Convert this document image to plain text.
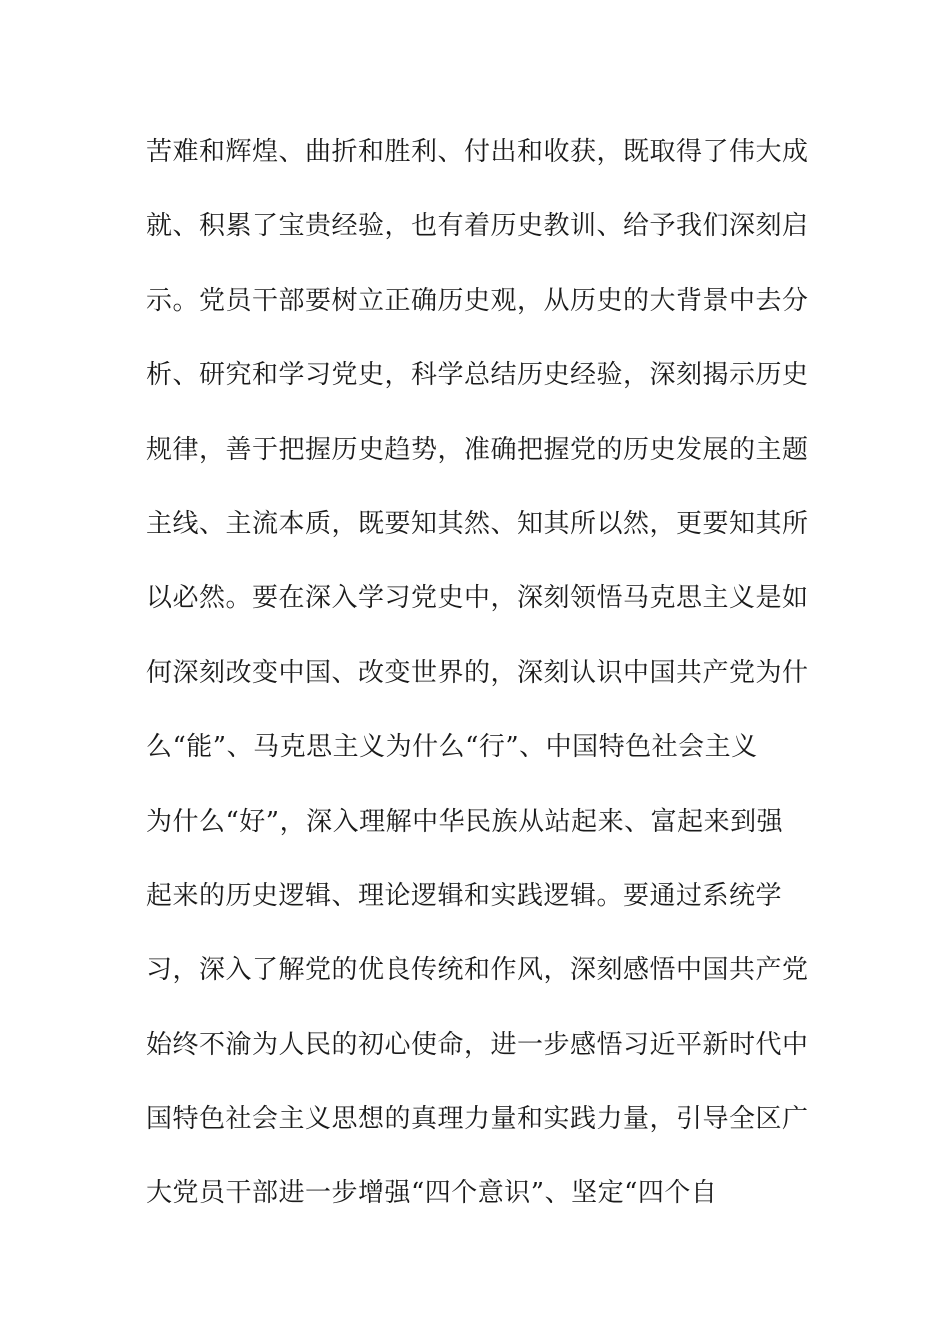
苦难和辉煌、曲折和胜利、付出和收获，既取得了伟大成
就、积累了宝贵经验，也有着历史教训、给予我们深刻启
示。党员干部要树立正确历史观，从历史的大背景中去分
析、研究和学习党史，科学总结历史经验，深刻揭示历史
规律，善于把握历史趋势，准确把握党的历史发展的主题
主线、主流本质，既要知其然、知其所以然，更要知其所
以必然。要在深入学习党史中，深刻领悟马克思主义是如
何深刻改变中国、改变世界的，深刻认识中国共产党为什
么“能”、马克思主义为什么“行”、中国特色社会主义
为什么“好”，深入理解中华民族从站起来、富起来到强
起来的历史逻辑、理论逻辑和实践逻辑。要通过系统学
习，深入了解党的优良传统和作风，深刻感悟中国共产党
始终不渝为人民的初心使命，进一步感悟习近平新时代中
国特色社会主义思想的真理力量和实践力量，引导全区广
大党员干部进一步增强“四个意识”、坚定“四个自
